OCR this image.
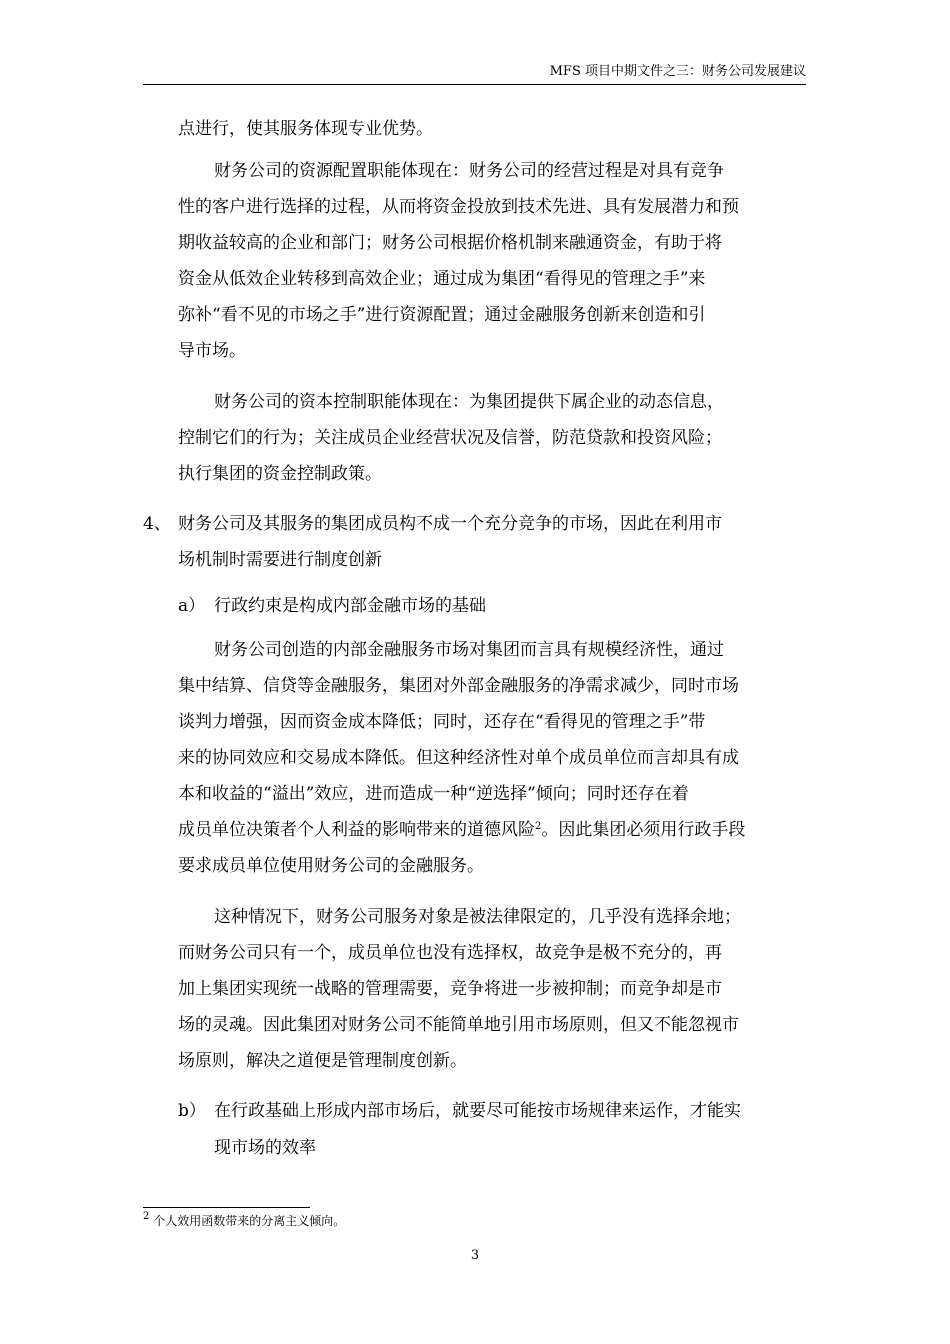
MFS 项目中期文件之三：财务公司发展建议
点进行，使其服务体现专业优势。
财务公司的资源配置职能体现在：财务公司的经营过程是对具有竞争
性的客户进行选择的过程，从而将资金投放到技术先进、具有发展潜力和预
期收益较高的企业和部门；财务公司根据价格机制来融通资金，有助于将
资金从低效企业转移到高效企业；通过成为集团“看得见的管理之手”来
弥补“看不见的市场之手”进行资源配置；通过金融服务创新来创造和引
导市场。
财务公司的资本控制职能体现在：为集团提供下属企业的动态信息，
控制它们的行为；关注成员企业经营状况及信誉，防范贷款和投资风险；
执行集团的资金控制政策。
4、 财务公司及其服务的集团成员构不成一个充分竞争的市场，因此在利用市
场机制时需要进行制度创新
a） 行政约束是构成内部金融市场的基础
财务公司创造的内部金融服务市场对集团而言具有规模经济性，通过
集中结算、信贷等金融服务，集团对外部金融服务的净需求减少，同时市场
谈判力增强，因而资金成本降低；同时，还存在“看得见的管理之手”带
来的协同效应和交易成本降低。但这种经济性对单个成员单位而言却具有成
本和收益的“溢出”效应，进而造成一种“逆选择”倾向；同时还存在着
成员单位决策者个人利益的影响带来的道德风险$^2$。因此集团必须用行政手段
要求成员单位使用财务公司的金融服务。
这种情况下，财务公司服务对象是被法律限定的，几乎没有选择余地；
而财务公司只有一个，成员单位也没有选择权，故竞争是极不充分的，再
加上集团实现统一战略的管理需要，竞争将进一步被抑制；而竞争却是市
场的灵魂。因此集团对财务公司不能简单地引用市场原则，但又不能忽视市
场原则，解决之道便是管理制度创新。
b） 在行政基础上形成内部市场后，就要尽可能按市场规律来运作，才能实
现市场的效率
$^2$ 个人效用函数带来的分离主义倾向。
3
